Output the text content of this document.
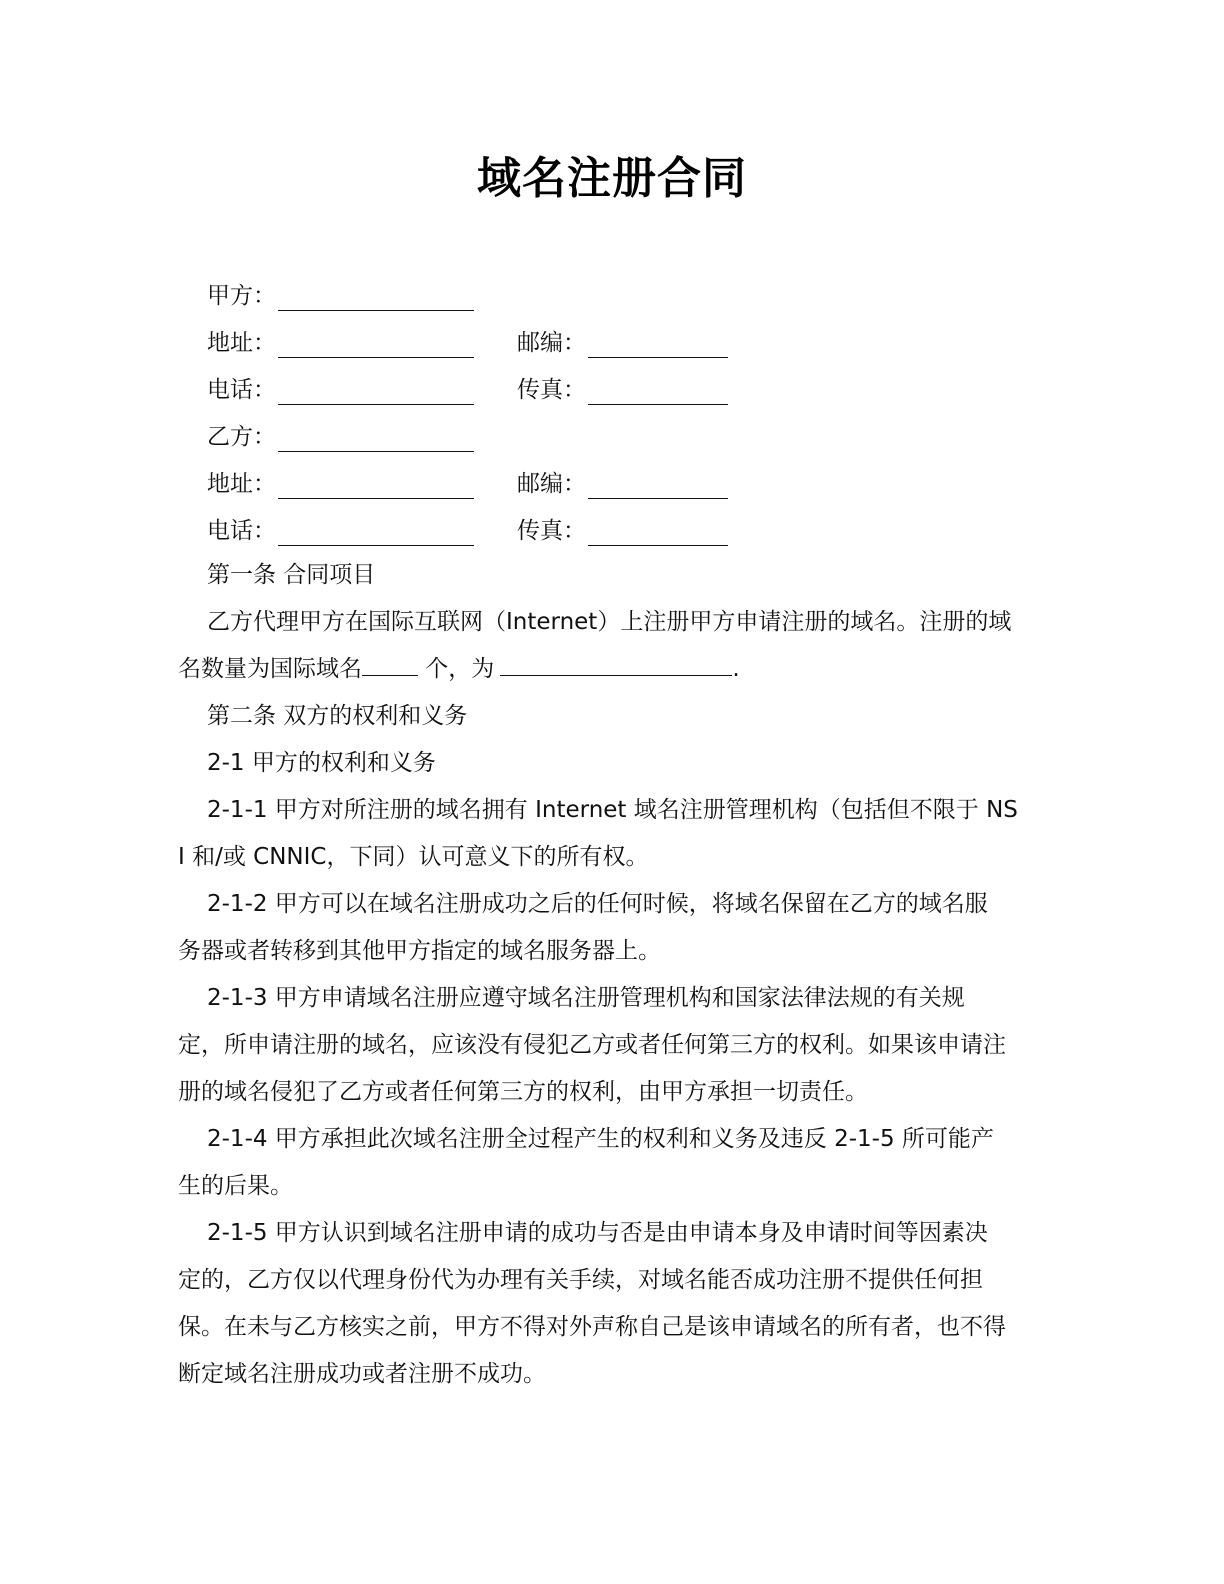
域名注册合同
甲方：
地址：	邮编：
电话：	传真：
乙方：
地址：	邮编：
电话：	传真：

第一条 合同项目

乙方代理甲方在国际互联网（Internet）上注册甲方申请注册的域名。注册的域

名数量为国际域名 个，为	.

第二条 双方的权利和义务

2-1 甲方的权利和义务

2-1-1 甲方对所注册的域名拥有 Internet 域名注册管理机构（包括但不限于 NS

I 和/或 CNNIC，下同）认可意义下的所有权。

2-1-2 甲方可以在域名注册成功之后的任何时候，将域名保留在乙方的域名服

务器或者转移到其他甲方指定的域名服务器上。

2-1-3 甲方申请域名注册应遵守域名注册管理机构和国家法律法规的有关规

定，所申请注册的域名，应该没有侵犯乙方或者任何第三方的权利。如果该申请注

册的域名侵犯了乙方或者任何第三方的权利，由甲方承担一切责任。

2-1-4 甲方承担此次域名注册全过程产生的权利和义务及违反 2-1-5 所可能产

生的后果。

2-1-5 甲方认识到域名注册申请的成功与否是由申请本身及申请时间等因素决

定的，乙方仅以代理身份代为办理有关手续，对域名能否成功注册不提供任何担

保。在未与乙方核实之前，甲方不得对外声称自己是该申请域名的所有者，也不得

断定域名注册成功或者注册不成功。
